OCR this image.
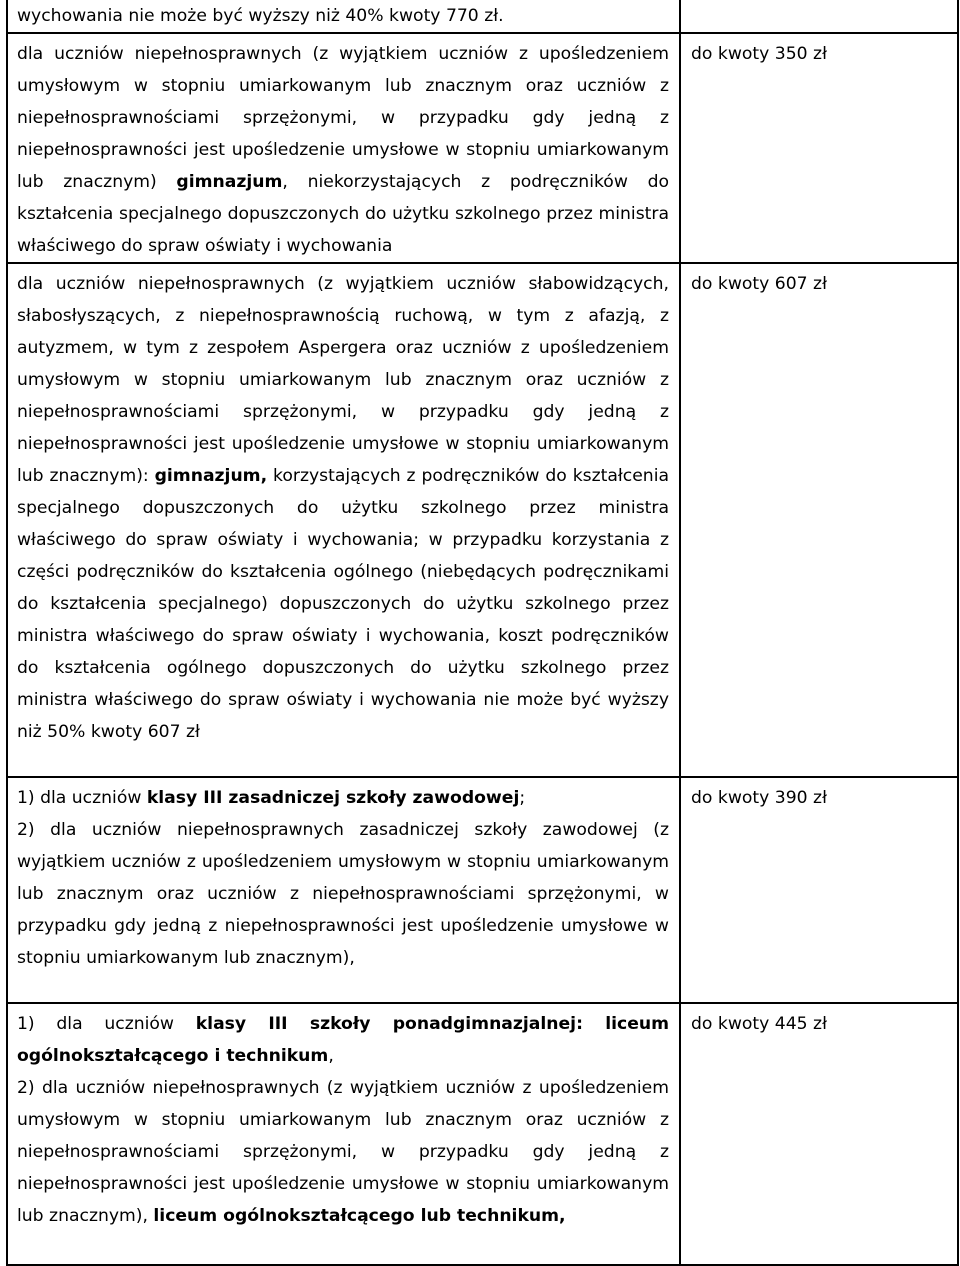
wychowania nie może być wyższy niż 40% kwoty 770 zł.	
dla uczniów niepełnosprawnych (z wyjątkiem uczniów z upośledzeniem umysłowym w stopniu umiarkowanym lub znacznym oraz uczniów z niepełnosprawnościami sprzężonymi, w przypadku gdy jedną z niepełnosprawności jest upośledzenie umysłowe w stopniu umiarkowanym lub znacznym) gimnazjum, niekorzystających z podręczników do kształcenia specjalnego dopuszczonych do użytku szkolnego przez ministra właściwego do spraw oświaty i wychowania	do kwoty 350 zł
dla uczniów niepełnosprawnych (z wyjątkiem uczniów słabowidzących, słabosłyszących, z niepełnosprawnością ruchową, w tym z afazją, z autyzmem, w tym z zespołem Aspergera oraz uczniów z upośledzeniem umysłowym w stopniu umiarkowanym lub znacznym oraz uczniów z niepełnosprawnościami sprzężonymi, w przypadku gdy jedną z niepełnosprawności jest upośledzenie umysłowe w stopniu umiarkowanym lub znacznym): gimnazjum, korzystających z podręczników do kształcenia specjalnego dopuszczonych do użytku szkolnego przez ministra właściwego do spraw oświaty i wychowania; w przypadku korzystania z części podręczników do kształcenia ogólnego (niebędących podręcznikami do kształcenia specjalnego) dopuszczonych do użytku szkolnego przez ministra właściwego do spraw oświaty i wychowania, koszt podręczników do kształcenia ogólnego dopuszczonych do użytku szkolnego przez ministra właściwego do spraw oświaty i wychowania nie może być wyższy niż 50% kwoty 607 zł	do kwoty 607 zł

1) dla uczniów klasy III zasadniczej szkoły zawodowej;

2) dla uczniów niepełnosprawnych zasadniczej szkoły zawodowej (z wyjątkiem uczniów z upośledzeniem umysłowym w stopniu umiarkowanym lub znacznym oraz uczniów z niepełnosprawnościami sprzężonymi, w przypadku gdy jedną z niepełnosprawności jest upośledzenie umysłowe w stopniu umiarkowanym lub znacznym),	do kwoty 390 zł

1) dla uczniów klasy III szkoły ponadgimnazjalnej: liceum ogólnokształcącego i technikum,

2) dla uczniów niepełnosprawnych (z wyjątkiem uczniów z upośledzeniem umysłowym w stopniu umiarkowanym lub znacznym oraz uczniów z niepełnosprawnościami sprzężonymi, w przypadku gdy jedną z niepełnosprawności jest upośledzenie umysłowe w stopniu umiarkowanym lub znacznym), liceum ogólnokształcącego lub technikum,	do kwoty 445 zł
